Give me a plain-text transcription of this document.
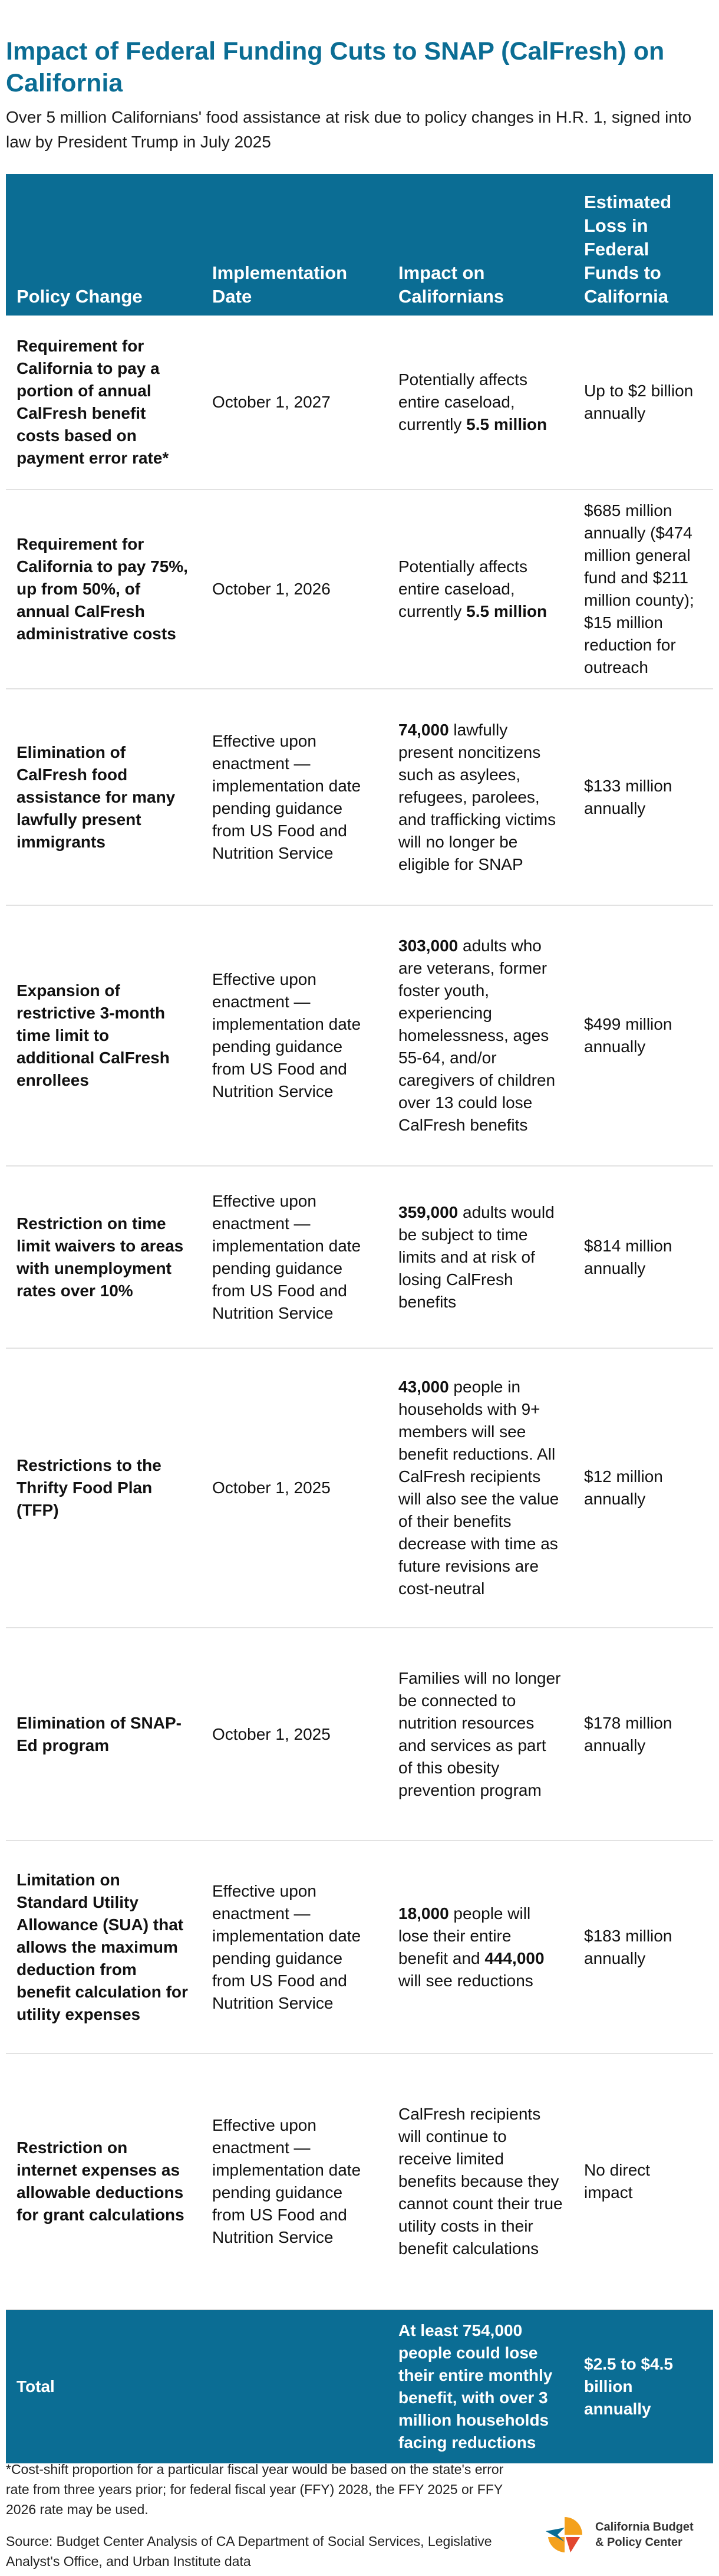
Impact of Federal Funding Cuts to SNAP (CalFresh) on California
Over 5 million Californians' food assistance at risk due to policy changes in H.R. 1, signed into law by President Trump in July 2025
Policy Change	Implementation Date	Impact on Californians	Estimated Loss in Federal Funds to California
Requirement for California to pay a portion of annual CalFresh benefit costs based on payment error rate*	October 1, 2027	Potentially affects entire caseload, currently 5.5 million	Up to $2 billion annually
Requirement for California to pay 75%, up from 50%, of annual CalFresh administrative costs	October 1, 2026	Potentially affects entire caseload, currently 5.5 million	$685 million annually ($474 million general fund and $211 million county); $15 million reduction for outreach
Elimination of CalFresh food assistance for many lawfully present immigrants	Effective upon enactment — implementation date pending guidance from US Food and Nutrition Service	74,000 lawfully present noncitizens such as asylees, refugees, parolees, and trafficking victims will no longer be eligible for SNAP	$133 million annually
Expansion of restrictive 3-month time limit to additional CalFresh enrollees	Effective upon enactment — implementation date pending guidance from US Food and Nutrition Service	303,000 adults who are veterans, former foster youth, experiencing homelessness, ages 55-64, and/or caregivers of children over 13 could lose CalFresh benefits	$499 million annually
Restriction on time limit waivers to areas with unemployment rates over 10%	Effective upon enactment — implementation date pending guidance from US Food and Nutrition Service	359,000 adults would be subject to time limits and at risk of losing CalFresh benefits	$814 million annually
Restrictions to the Thrifty Food Plan (TFP)	October 1, 2025	43,000 people in households with 9+ members will see benefit reductions. All CalFresh recipients will also see the value of their benefits decrease with time as future revisions are cost-neutral	$12 million annually
Elimination of SNAP-Ed program	October 1, 2025	Families will no longer be connected to nutrition resources and services as part of this obesity prevention program	$178 million annually
Limitation on Standard Utility Allowance (SUA) that allows the maximum deduction from benefit calculation for utility expenses	Effective upon enactment — implementation date pending guidance from US Food and Nutrition Service	18,000 people will lose their entire benefit and 444,000 will see reductions	$183 million annually
Restriction on internet expenses as allowable deductions for grant calculations	Effective upon enactment — implementation date pending guidance from US Food and Nutrition Service	CalFresh recipients will continue to receive limited benefits because they cannot count their true utility costs in their benefit calculations	No direct impact
Total		At least 754,000 people could lose their entire monthly benefit, with over 3 million households facing reductions	$2.5 to $4.5 billion annually
*Cost-shift proportion for a particular fiscal year would be based on the state's error rate from three years prior; for federal fiscal year (FFY) 2028, the FFY 2025 or FFY 2026 rate may be used.
Source: Budget Center Analysis of CA Department of Social Services, Legislative Analyst's Office, and Urban Institute data
California Budget
& Policy Center
